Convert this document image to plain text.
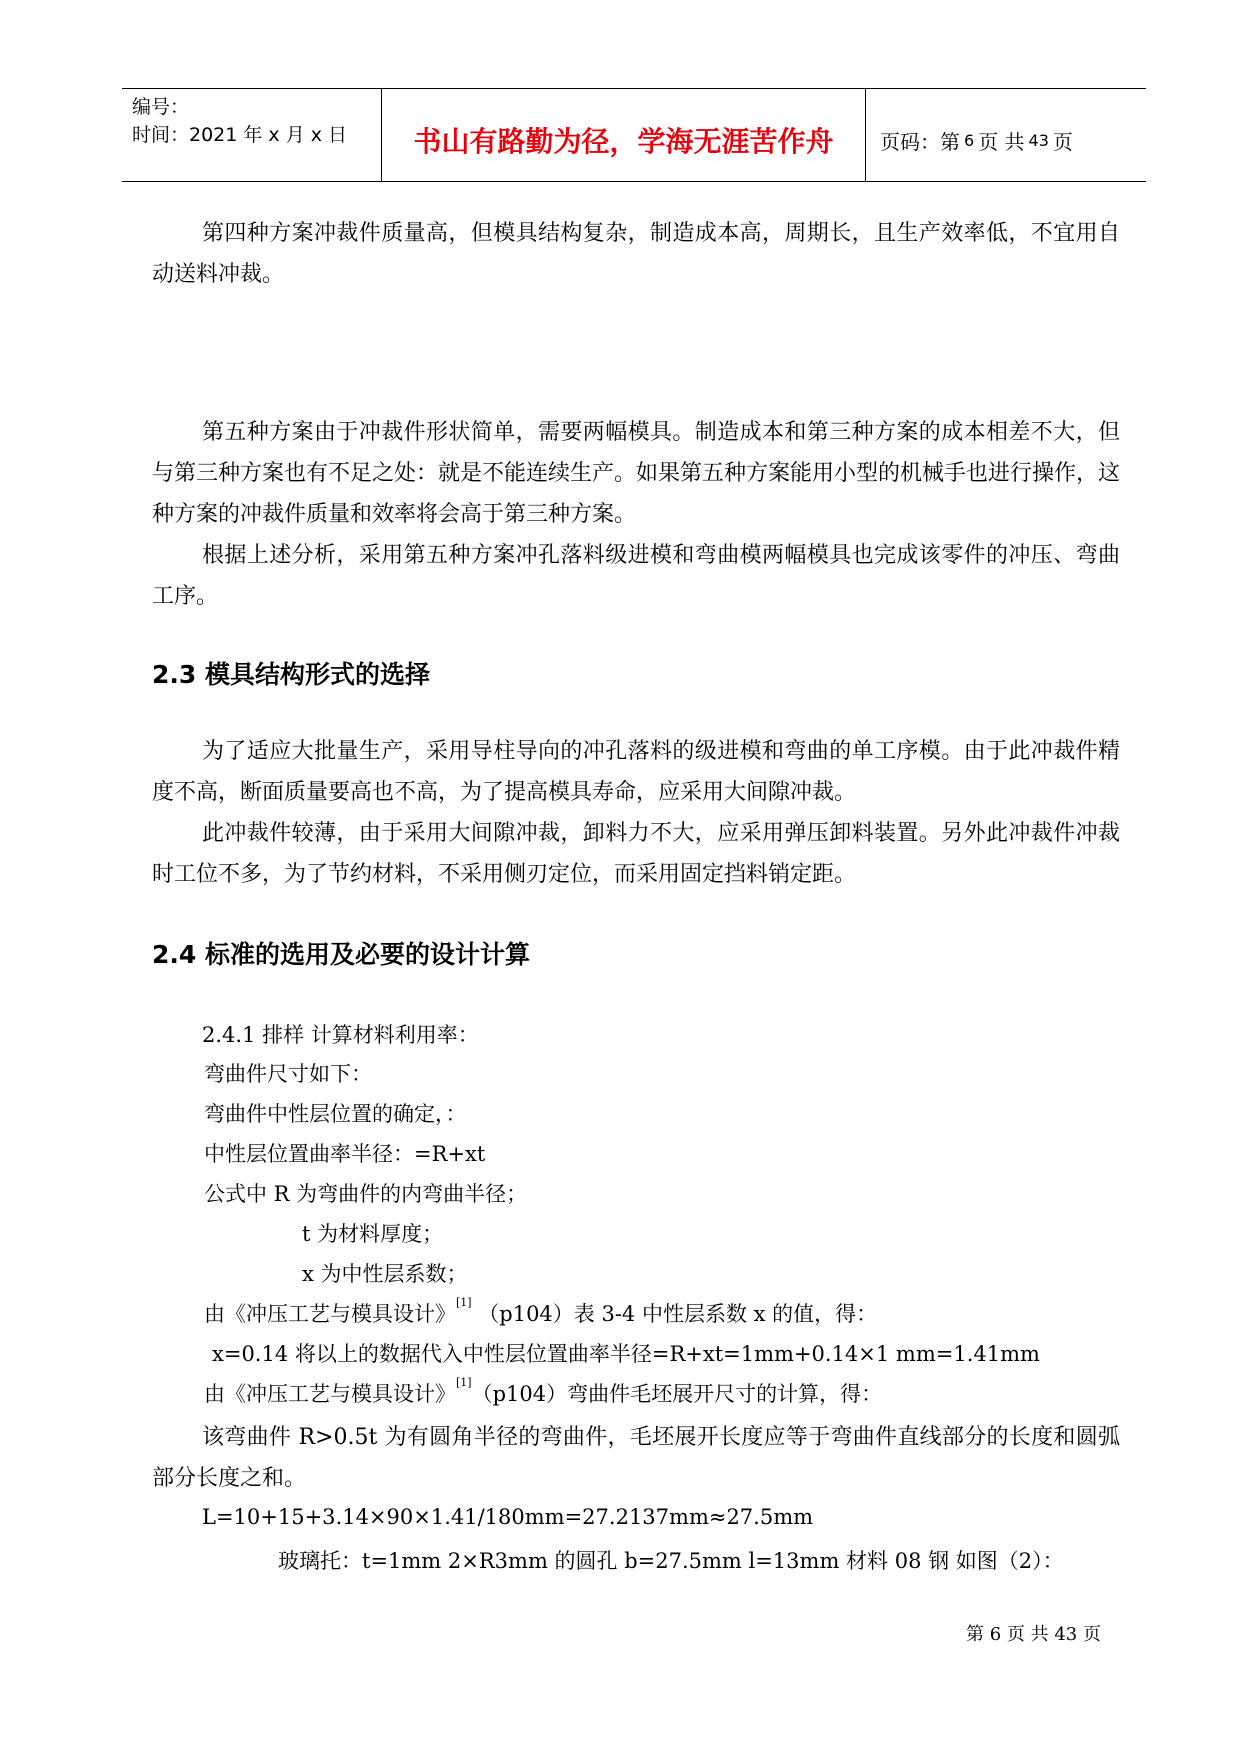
编号：
时间：2021 年 x 月 x 日	书山有路勤为径，学海无涯苦作舟	页码：第 6 页 共 43 页

第四种方案冲裁件质量高，但模具结构复杂，制造成本高，周期长，且生产效率低，不宜用自动送料冲裁。

第五种方案由于冲裁件形状简单，需要两幅模具。制造成本和第三种方案的成本相差不大，但与第三种方案也有不足之处：就是不能连续生产。如果第五种方案能用小型的机械手也进行操作，这种方案的冲裁件质量和效率将会高于第三种方案。

根据上述分析，采用第五种方案冲孔落料级进模和弯曲模两幅模具也完成该零件的冲压、弯曲工序。

2.3 模具结构形式的选择

为了适应大批量生产，采用导柱导向的冲孔落料的级进模和弯曲的单工序模。由于此冲裁件精度不高，断面质量要高也不高，为了提高模具寿命，应采用大间隙冲裁。

此冲裁件较薄，由于采用大间隙冲裁，卸料力不大，应采用弹压卸料装置。另外此冲裁件冲裁时工位不多，为了节约材料，不采用侧刃定位，而采用固定挡料销定距。

2.4 标准的选用及必要的设计计算

2.4.1 排样 计算材料利用率：

弯曲件尺寸如下：

弯曲件中性层位置的确定，：

中性层位置曲率半径：=R+xt

公式中 R 为弯曲件的内弯曲半径；

t 为材料厚度；

x 为中性层系数；

由《冲压工艺与模具设计》[1] （p104）表 3-4 中性层系数 x 的值，得：

x=0.14 将以上的数据代入中性层位置曲率半径=R+xt=1mm+0.14×1 mm=1.41mm

由《冲压工艺与模具设计》[1]（p104）弯曲件毛坯展开尺寸的计算，得：

该弯曲件 R>0.5t 为有圆角半径的弯曲件，毛坯展开长度应等于弯曲件直线部分的长度和圆弧部分长度之和。

L=10+15+3.14×90×1.41/180mm=27.2137mm≈27.5mm

玻璃托：t=1mm 2×R3mm 的圆孔 b=27.5mm l=13mm 材料 08 钢 如图（2）：

第 6 页 共 43 页
